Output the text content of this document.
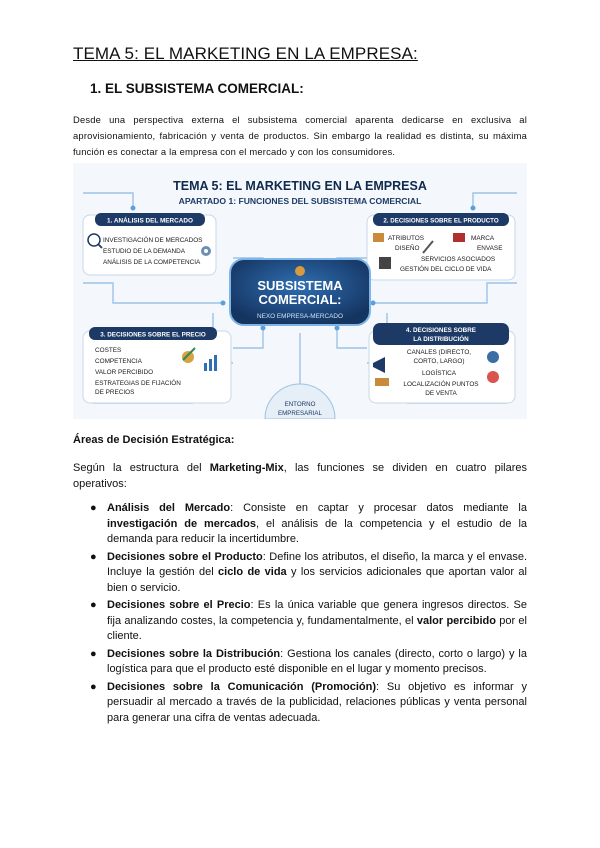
TEMA 5: EL MARKETING EN LA EMPRESA:
1. EL SUBSISTEMA COMERCIAL:
Desde una perspectiva externa el subsistema comercial aparenta dedicarse en exclusiva al aprovisionamiento, fabricación y venta de productos. Sin embargo la realidad es distinta, su máxima función es conectar a la empresa con el mercado y con los consumidores.
TEMA 5: EL MARKETING EN LA EMPRESA
APARTADO 1: FUNCIONES DEL SUBSISTEMA COMERCIAL
1. ANÁLISIS DEL MERCADO
INVESTIGACIÓN DE MERCADOS
ESTUDIO DE LA DEMANDA
ANÁLISIS DE LA COMPETENCIA
2. DECISIONES SOBRE EL PRODUCTO
ATRIBUTOS
DISEÑO
MARCA
ENVASE
SERVICIOS ASOCIADOS
GESTIÓN DEL CICLO DE VIDA
SUBSISTEMA
COMERCIAL:
NEXO EMPRESA-MERCADO
3. DECISIONES SOBRE EL PRECIO
COSTES
COMPETENCIA
VALOR PERCIBIDO
ESTRATEGIAS DE FIJACIÓN
DE PRECIOS
4. DECISIONES SOBRE
LA DISTRIBUCIÓN
CANALES (DIRECTO,
CORTO, LARGO)
LOGÍSTICA
LOCALIZACIÓN PUNTOS
DE VENTA
ENTORNO
EMPRESARIAL
Áreas de Decisión Estratégica:
Según la estructura del Marketing-Mix, las funciones se dividen en cuatro pilares operativos:
● Análisis del Mercado: Consiste en captar y procesar datos mediante la investigación de mercados, el análisis de la competencia y el estudio de la demanda para reducir la incertidumbre.
● Decisiones sobre el Producto: Define los atributos, el diseño, la marca y el envase. Incluye la gestión del ciclo de vida y los servicios adicionales que aportan valor al bien o servicio.
● Decisiones sobre el Precio: Es la única variable que genera ingresos directos. Se fija analizando costes, la competencia y, fundamentalmente, el valor percibido por el cliente.
● Decisiones sobre la Distribución: Gestiona los canales (directo, corto o largo) y la logística para que el producto esté disponible en el lugar y momento precisos.
● Decisiones sobre la Comunicación (Promoción): Su objetivo es informar y persuadir al mercado a través de la publicidad, relaciones públicas y venta personal para generar una cifra de ventas adecuada.
